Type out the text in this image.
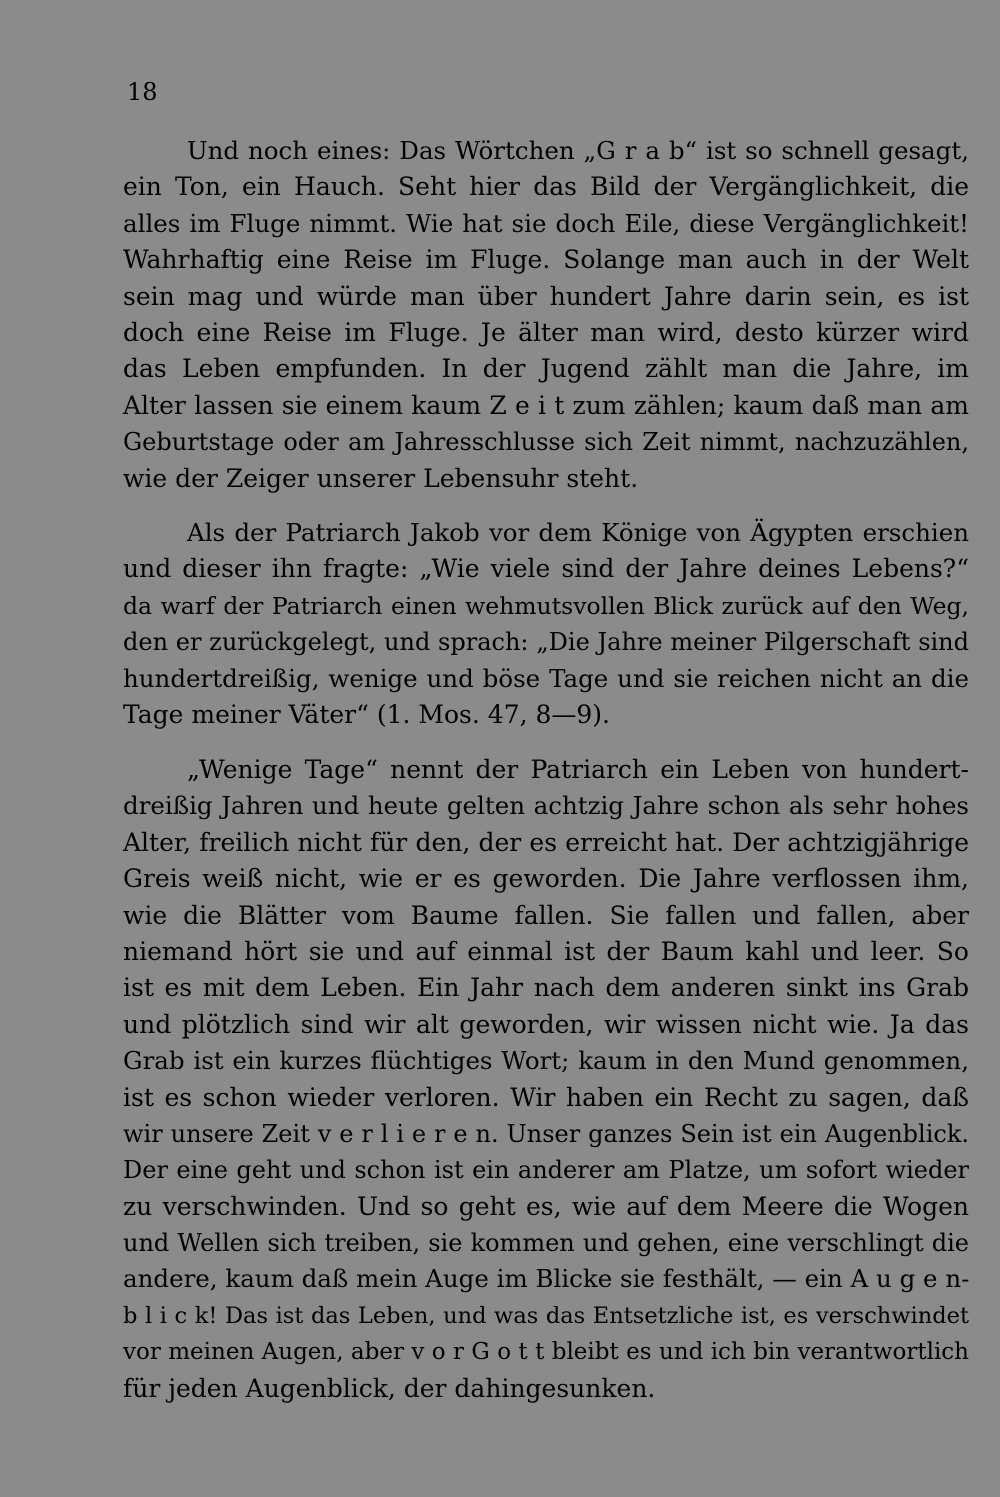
18
Und noch eines: Das Wörtchen „G r a b“ ist so schnell gesagt,
ein Ton, ein Hauch. Seht hier das Bild der Vergänglichkeit, die
alles im Fluge nimmt. Wie hat sie doch Eile, diese Vergänglichkeit!
Wahrhaftig eine Reise im Fluge. Solange man auch in der Welt
sein mag und würde man über hundert Jahre darin sein, es ist
doch eine Reise im Fluge. Je älter man wird, desto kürzer wird
das Leben empfunden. In der Jugend zählt man die Jahre, im
Alter lassen sie einem kaum Z e i t zum zählen; kaum daß man am
Geburtstage oder am Jahresschlusse sich Zeit nimmt, nachzuzählen,
wie der Zeiger unserer Lebensuhr steht.
Als der Patriarch Jakob vor dem Könige von Ägypten erschien
und dieser ihn fragte: „Wie viele sind der Jahre deines Lebens?“
da warf der Patriarch einen wehmutsvollen Blick zurück auf den Weg,
den er zurückgelegt, und sprach: „Die Jahre meiner Pilgerschaft sind
hundertdreißig, wenige und böse Tage und sie reichen nicht an die
Tage meiner Väter“ (1. Mos. 47, 8—9).
„Wenige Tage“ nennt der Patriarch ein Leben von hundert-
dreißig Jahren und heute gelten achtzig Jahre schon als sehr hohes
Alter, freilich nicht für den, der es erreicht hat. Der achtzigjährige
Greis weiß nicht, wie er es geworden. Die Jahre verflossen ihm,
wie die Blätter vom Baume fallen. Sie fallen und fallen, aber
niemand hört sie und auf einmal ist der Baum kahl und leer. So
ist es mit dem Leben. Ein Jahr nach dem anderen sinkt ins Grab
und plötzlich sind wir alt geworden, wir wissen nicht wie. Ja das
Grab ist ein kurzes flüchtiges Wort; kaum in den Mund genommen,
ist es schon wieder verloren. Wir haben ein Recht zu sagen, daß
wir unsere Zeit v e r l i e r e n. Unser ganzes Sein ist ein Augenblick.
Der eine geht und schon ist ein anderer am Platze, um sofort wieder
zu verschwinden. Und so geht es, wie auf dem Meere die Wogen
und Wellen sich treiben, sie kommen und gehen, eine verschlingt die
andere, kaum daß mein Auge im Blicke sie festhält, — ein A u g e n-
b l i c k! Das ist das Leben, und was das Entsetzliche ist, es verschwindet
vor meinen Augen, aber v o r G o t t bleibt es und ich bin verantwortlich
für jeden Augenblick, der dahingesunken.
